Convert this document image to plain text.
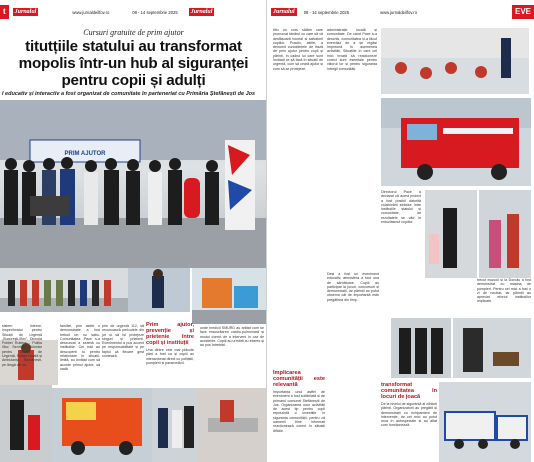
t	Jurnalul	www.jurnaldeilfov.ro	08 - 14 septembrie 2025	Jurnalul
Cursuri gratuite de prim ajutor
titutțiile statului au transformat
mopolis într-un hub al siguranței
pentru copii și adulți
l educativ și interactiv a fost organizat de comunitate în parteneriat cu Primăria Ștefănești de Jos
PRIM AJUTOR
sistem Interne, Inspectoratul pentru Situații de Urgență „Bucureşti-Ilfov”, Direcția Poliției Rutiere - Poliția Ilfov, Serviciul Voluntar pentru Situații de Urgență, Poliția Locală și Ambulanța Românești, pe lângă de un
familiei, prin astfel o demonstrație a fost trebuit un nu sabu. Comunitatea Pace s-a descurcat a seamă cu instituțiile. Cei mici au descoperit tu pentru relaționare în situații-limită, au învățat cum să acorde primul ajutor, să vadă
prin de urgență 112, să recunoască pericolele din jur și să își protejeze singuri și prietenii. Evenimentul a pus accent pe responsabilitate și pe faptul că fiecare gest contează.
Prim ajutor, prevenție și prietenie între copii și instituții
Una dintre cele mai plăcute părți a fost ca și copiii au interacționat direct cu polițiștii, pompierii și paramedicii.
unde medicii SMURD au arătat cum se face resuscitarea cardio-pulmonară și modul corect de a interveni în caz de accidente. Copiii au urmărit cu interes și au pus întrebări.
Jurnalul	08 - 14 septembrie 2025	www.jurnaldeilfov.ro	EVE
titlu un curs sătăm care promovat tânărul cu care să vă desfășoară tocmai și salvatorii copiilor. Practic, astfel, a denumit cunoștințele de bază de prim ajutor pentru copii și părinți, în cadrul lui care sunt învățați ce să facă în situații de urgență, cum să ceară ajutor și cum să se protejeze.
administrație locală și comunitate. De când Pace s-a deschis, comunitatea și-a făcut exercițiul de a se regăsi împreună în asemenea activități. Situațiile în care cei mici învață să reacționeze corect sunt esențiale pentru viitorul lor și pentru siguranța întregii comunități.
Directorul Pace a declarat că acest proiect a fost posibil datorită colaborării strânse între instituțiile statului și comunitate, iar rezultatele se văd în entuziasmul copiilor.
Implicarea comunității este relevantă
Importanța unui astfel de eveniment a fost subliniată și de primarul comunei Ștefăneștii de Jos. Organizarea unor activități de acest tip pentru copii reprezintă o investiție în siguranța comunității, pentru că oamenii bine informați reacționează corect în situații dificile.
Deși a fost un eveniment educativ, atmosfera a fost una de sărbătoare. Copiii au participat la jocuri, concursuri și demonstrații, iar părinții au putut observa cât de importantă este pregătirea din timp.
transformat comunitatea în locuri de joacă
De la nivelul de siguranță al zilnicei părinți. Organizatorii au pregătit și demonstrații cu echipament de intervenție, iar cei mici au putut urca în autospeciale și au aflat cum funcționează.
trecut ecusoii și la Dorcău a fost demonstrat cu mașina de pompieri. Pentru cei mici a fost o zi de neuitat, iar părinții au apreciat efortul instituțiilor implicate.
